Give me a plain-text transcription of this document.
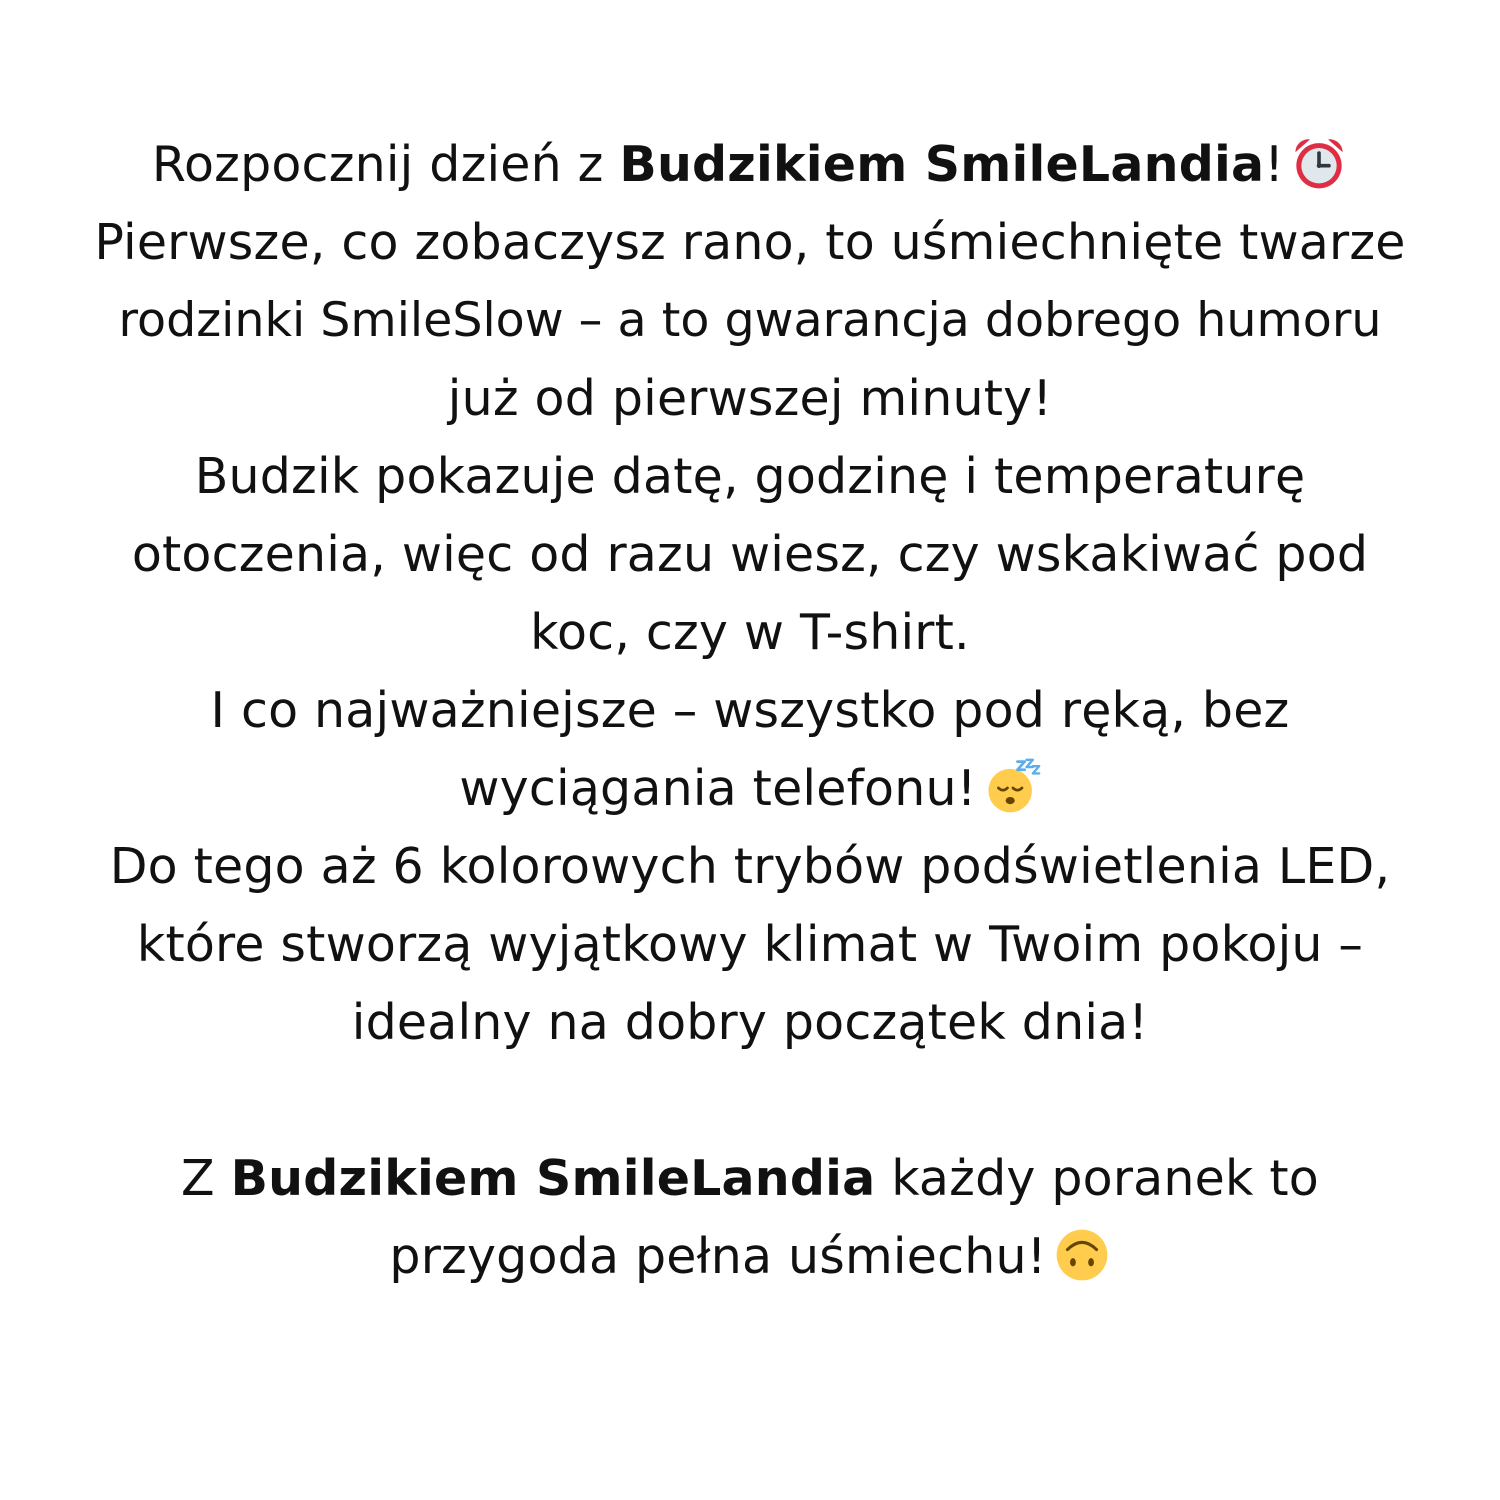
Rozpocznij dzień z Budzikiem SmileLandia!
Pierwsze, co zobaczysz rano, to uśmiechnięte twarze
rodzinki SmileSlow – a to gwarancja dobrego humoru
już od pierwszej minuty!
Budzik pokazuje datę, godzinę i temperaturę
otoczenia, więc od razu wiesz, czy wskakiwać pod
koc, czy w T-shirt.
I co najważniejsze – wszystko pod ręką, bez
wyciągania telefonu!
Do tego aż 6 kolorowych trybów podświetlenia LED,
które stworzą wyjątkowy klimat w Twoim pokoju –
idealny na dobry początek dnia!
Z Budzikiem SmileLandia każdy poranek to
przygoda pełna uśmiechu!
